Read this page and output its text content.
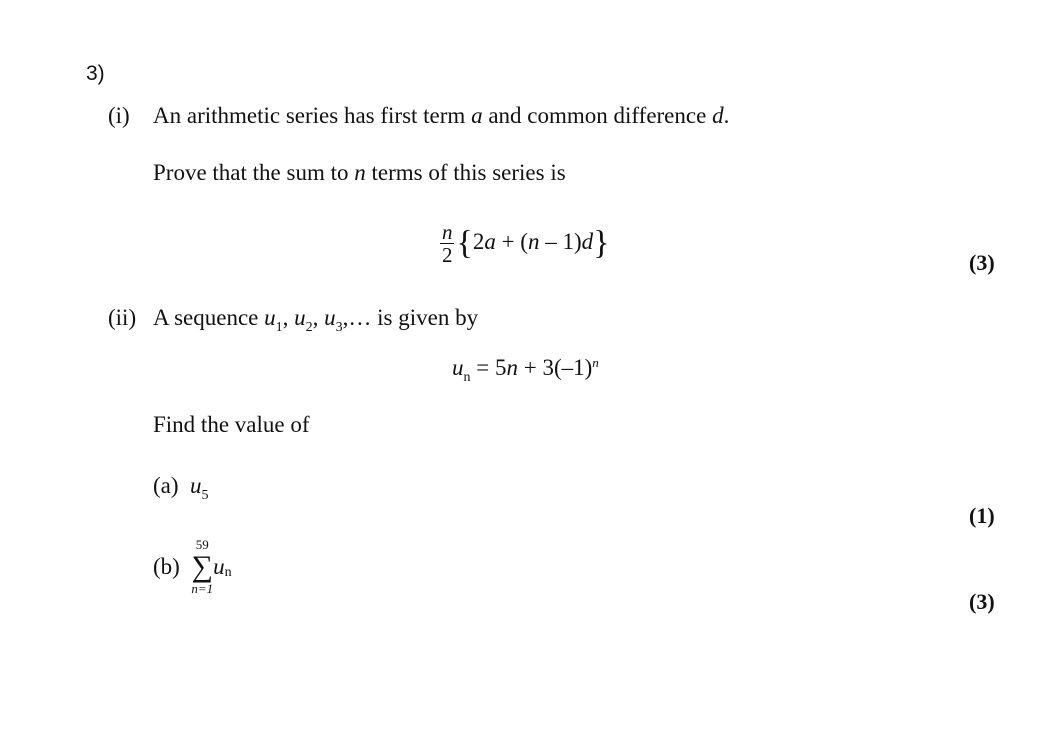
3)
(i) An arithmetic series has first term a and common difference d.
Prove that the sum to n terms of this series is
$\frac{n}{2} \{2a + (n - 1)d\}$
(3)
(ii) A sequence $u_1$, $u_2$, $u_3,\dots$ is given by
$u_n = 5n + 3(-1)^n$
Find the value of
(a) $u_5$
(1)
(b)
59
∑
n=1
$u_n$
(3)
